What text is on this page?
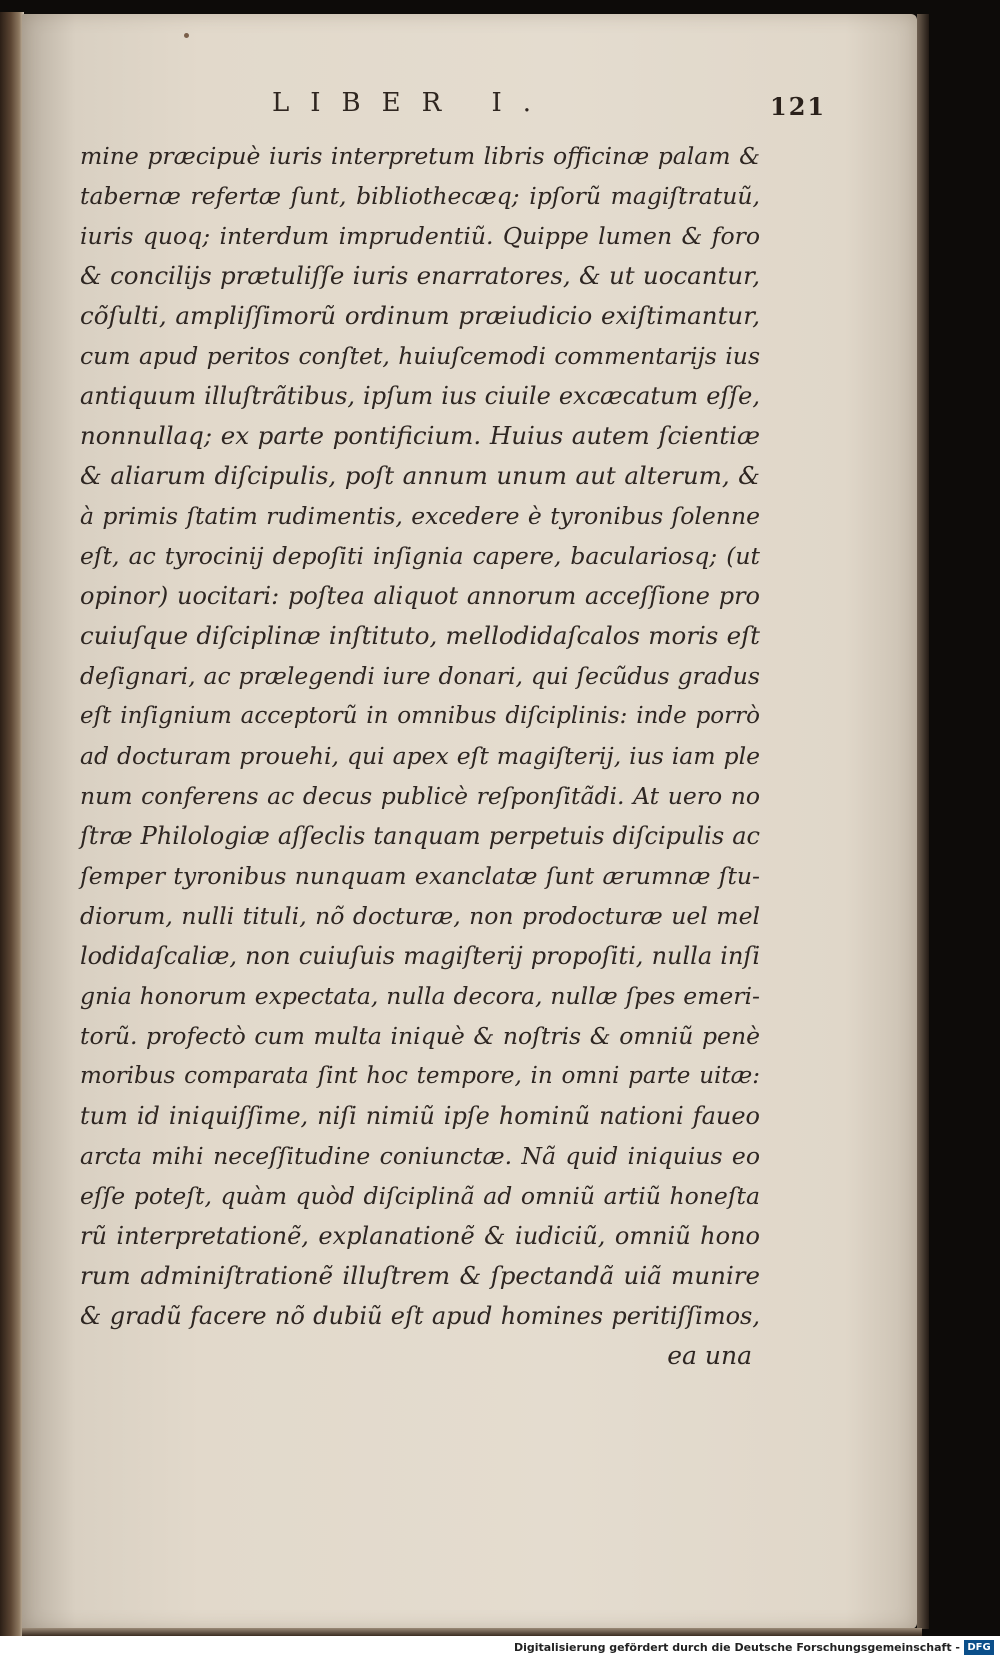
LIBER I.	121
mine præcipuè iuris interpretum libris officinæ palam &
tabernæ refertæ ſunt, bibliothecæq; ipſorũ magiſtratuũ,
iuris quoq; interdum imprudentiũ. Quippe lumen & foro
& concilijs prætuliſſe iuris enarratores, & ut uocantur,
cõſulti, ampliſſimorũ ordinum præiudicio exiſtimantur,
cum apud peritos conſtet, huiuſcemodi commentarijs ius
antiquum illuſtrãtibus, ipſum ius ciuile excæcatum eſſe,
nonnullaq; ex parte pontificium. Huius autem ſcientiæ
& aliarum diſcipulis, poſt annum unum aut alterum, &
à primis ſtatim rudimentis, excedere è tyronibus ſolenne
eſt, ac tyrocinij depoſiti inſignia capere, baculariosq; (ut
opinor) uocitari: poſtea aliquot annorum acceſſione pro
cuiuſque diſciplinæ inſtituto, mellodidaſcalos moris eſt
deſignari, ac prælegendi iure donari, qui ſecũdus gradus
eſt inſignium acceptorũ in omnibus diſciplinis: inde porrò
ad docturam prouehi, qui apex eſt magiſterij, ius iam ple
num conferens ac decus publicè reſponſitãdi. At uero no
ſtræ Philologiæ aſſeclis tanquam perpetuis diſcipulis ac
ſemper tyronibus nunquam exanclatæ ſunt ærumnæ ſtu-
diorum, nulli tituli, nõ docturæ, non prodocturæ uel mel
lodidaſcaliæ, non cuiuſuis magiſterij propoſiti, nulla inſi
gnia honorum expectata, nulla decora, nullæ ſpes emeri-
torũ. profectò cum multa iniquè & noſtris & omniũ penè
moribus comparata ſint hoc tempore, in omni parte uitæ:
tum id iniquiſſime, niſi nimiũ ipſe hominũ nationi faueo
arcta mihi neceſſitudine coniunctæ. Nã quid iniquius eo
eſſe poteſt, quàm quòd diſciplinã ad omniũ artiũ honeſta
rũ interpretationẽ, explanationẽ & iudiciũ, omniũ hono
rum adminiſtrationẽ illuſtrem & ſpectandã uiã munire
& gradũ facere nõ dubiũ eſt apud homines peritiſſimos,
ea una
Digitalisierung gefördert durch die Deutsche Forschungsgemeinschaft - DFG
